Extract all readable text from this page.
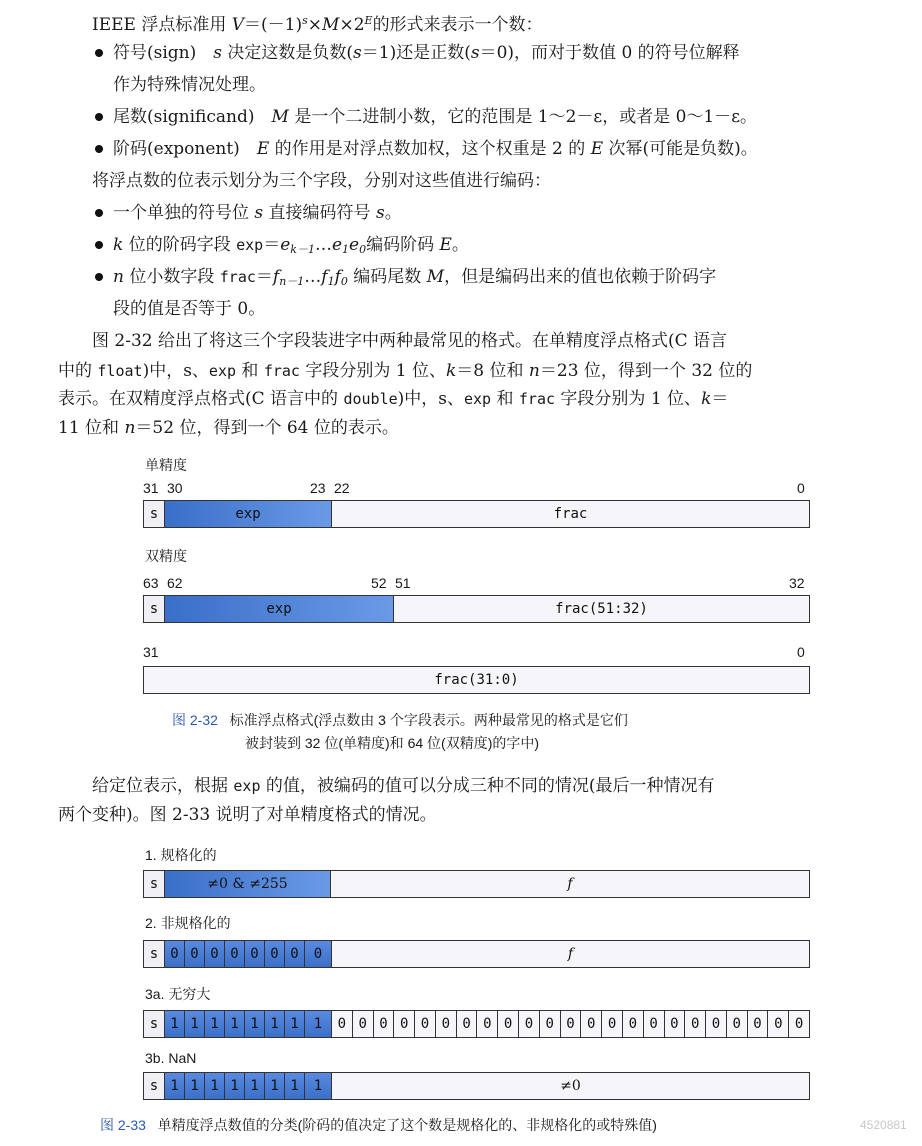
IEEE 浮点标准用 $V=(-1)^s\times M\times 2^E$的形式来表示一个数：
符号(sign)　s 决定这数是负数(s＝1)还是正数(s＝0)，而对于数值 0 的符号位解释
作为特殊情况处理。
尾数(significand)　M 是一个二进制小数，它的范围是 1～2－ε，或者是 0～1－ε。
阶码(exponent)　E 的作用是对浮点数加权，这个权重是 2 的 E 次幂(可能是负数)。
将浮点数的位表示划分为三个字段，分别对这些值进行编码：
一个单独的符号位 s 直接编码符号 s。
k 位的阶码字段 $\exp=e_{k-1}\dots e_1e_0$编码阶码 E。
n 位小数字段 $frac=f_{n-1}\dots f_1f_0$ 编码尾数 M，但是编码出来的值也依赖于阶码字
段的值是否等于 0。
图 2-32 给出了将这三个字段装进字中两种最常见的格式。在单精度浮点格式(C 语言
中的 float)中，s、exp 和 frac 字段分别为 1 位、k＝8 位和 n＝23 位，得到一个 32 位的
表示。在双精度浮点格式(C 语言中的 double)中，s、exp 和 frac 字段分别为 1 位、k＝
11 位和 n＝52 位，得到一个 64 位的表示。
单精度
31 30	23 22	0
s	exp	frac
双精度
63 62	52 51	32
s	exp	frac(51:32)
31	0
frac(31:0)
图 2-32 标准浮点格式(浮点数由 3 个字段表示。两种最常见的格式是它们
被封装到 32 位(单精度)和 64 位(双精度)的字中)
给定位表示，根据 exp 的值，被编码的值可以分成三种不同的情况(最后一种情况有
两个变种)。图 2-33 说明了对单精度格式的情况。
1. 规格化的
s	≠0 & ≠255	f
2. 非规格化的
s 0 0 0 0 0 0 0	0	f
3a. 无穷大
s 1 1 1 1 1 1 1	1	0 0 0 0 0 0 0 0 0 0 0 0 0 0 0 0 0 0 0 0 0 0 0
3b. NaN
s 1 1 1 1 1 1 1	1	≠0
图 2-33 单精度浮点数值的分类(阶码的值决定了这个数是规格化的、非规格化的或特殊值)	4520881
